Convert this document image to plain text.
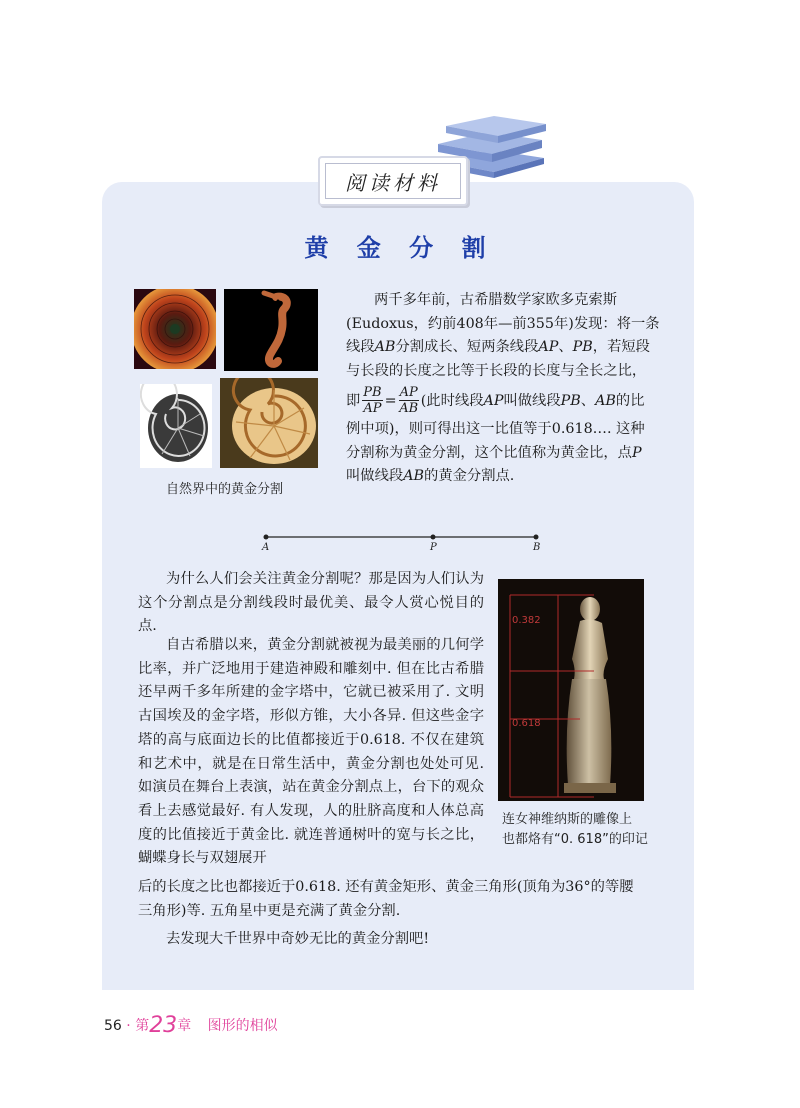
阅读材料
黄 金 分 割
自然界中的黄金分割
两千多年前，古希腊数学家欧多克索斯
(Eudoxus，约前408年—前355年)发现：将一条
线段AB分割成长、短两条线段AP、PB，若短段
与长段的长度之比等于长段的长度与全长之比，
即 $\frac{PB}{AP} = \frac{AP}{AB}$ (此时线段AP叫做线段PB、AB的比
例中项)，则可得出这一比值等于0.618…. 这种
分割称为黄金分割，这个比值称为黄金比，点P
叫做线段AB的黄金分割点.
A	P	B
为什么人们会关注黄金分割呢？那是因为人们认为这个分割点是分割线段时最优美、最令人赏心悦目的点.
自古希腊以来，黄金分割就被视为最美丽的几何学比率，并广泛地用于建造神殿和雕刻中. 但在比古希腊还早两千多年所建的金字塔中，它就已被采用了. 文明古国埃及的金字塔，形似方锥，大小各异. 但这些金字塔的高与底面边长的比值都接近于0.618. 不仅在建筑和艺术中，就是在日常生活中，黄金分割也处处可见. 如演员在舞台上表演，站在黄金分割点上，台下的观众看上去感觉最好. 有人发现，人的肚脐高度和人体总高度的比值接近于黄金比. 就连普通树叶的宽与长之比，蝴蝶身长与双翅展开
后的长度之比也都接近于0.618. 还有黄金矩形、黄金三角形(顶角为36°的等腰
三角形)等. 五角星中更是充满了黄金分割.
去发现大千世界中奇妙无比的黄金分割吧!
0.382
0.618
连女神维纳斯的雕像上
也都烙有“0. 618”的印记
56 · 第23章 图形的相似
